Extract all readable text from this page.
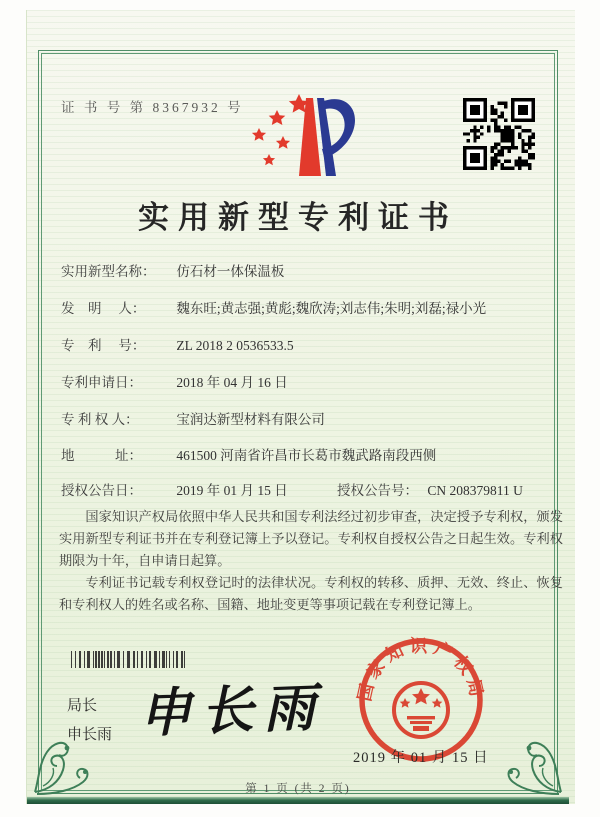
证 书 号 第 8367932 号
实用新型专利证书
实用新型名称： 仿石材一体保温板
发　明　 人： 魏东旺;黄志强;黄彪;魏欣涛;刘志伟;朱明;刘磊;禄小光
专　利　 号： ZL 2018 2 0536533.5
专利申请日：	2018 年 04 月 16 日
专 利 权 人：	宝润达新型材料有限公司
地　　　址：	461500 河南省许昌市长葛市魏武路南段西侧
授权公告日：	2019 年 01 月 15 日	授权公告号： CN 208379811 U

国家知识产权局依照中华人民共和国专利法经过初步审查，决定授予专利权，颁发实用新型专利证书并在专利登记簿上予以登记。专利权自授权公告之日起生效。专利权期限为十年，自申请日起算。

专利证书记载专利权登记时的法律状况。专利权的转移、质押、无效、终止、恢复和专利权人的姓名或名称、国籍、地址变更等事项记载在专利登记簿上。

局长
申长雨 申长雨	国家知识产权局
2019 年 01 月 15 日
第 1 页 (共 2 页)
